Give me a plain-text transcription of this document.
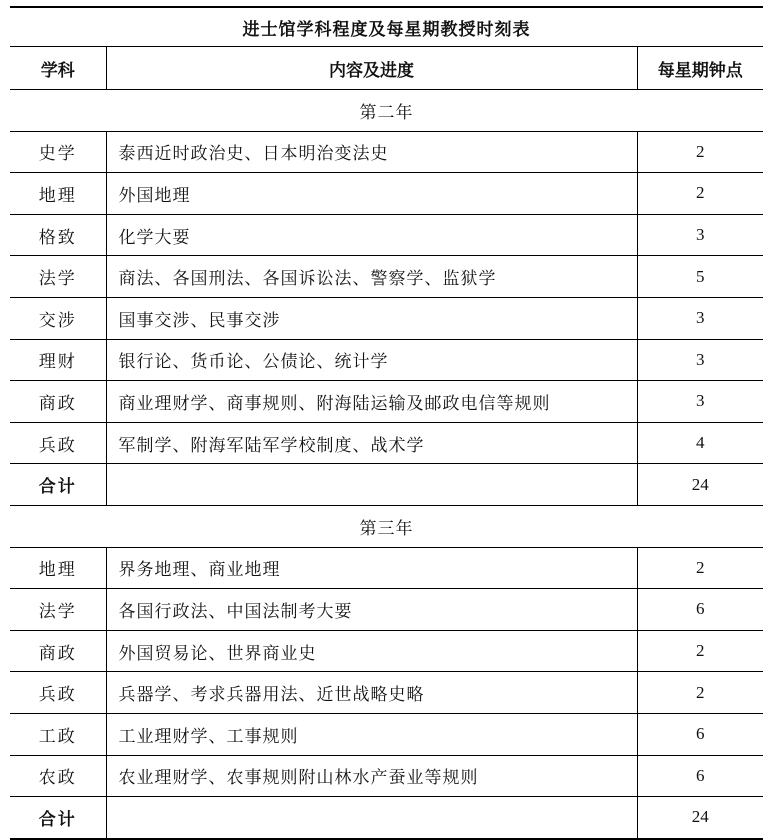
进士馆学科程度及每星期教授时刻表		
学科	内容及进度	每星期钟点
第二年		
史学	泰西近时政治史、日本明治变法史	2
地理	外国地理	2
格致	化学大要	3
法学	商法、各国刑法、各国诉讼法、警察学、监狱学	5
交涉	国事交涉、民事交涉	3
理财	银行论、货币论、公债论、统计学	3
商政	商业理财学、商事规则、附海陆运输及邮政电信等规则	3
兵政	军制学、附海军陆军学校制度、战术学	4
合计		24
第三年		
地理	界务地理、商业地理	2
法学	各国行政法、中国法制考大要	6
商政	外国贸易论、世界商业史	2
兵政	兵器学、考求兵器用法、近世战略史略	2
工政	工业理财学、工事规则	6
农政	农业理财学、农事规则附山林水产蚕业等规则	6
合计		24
